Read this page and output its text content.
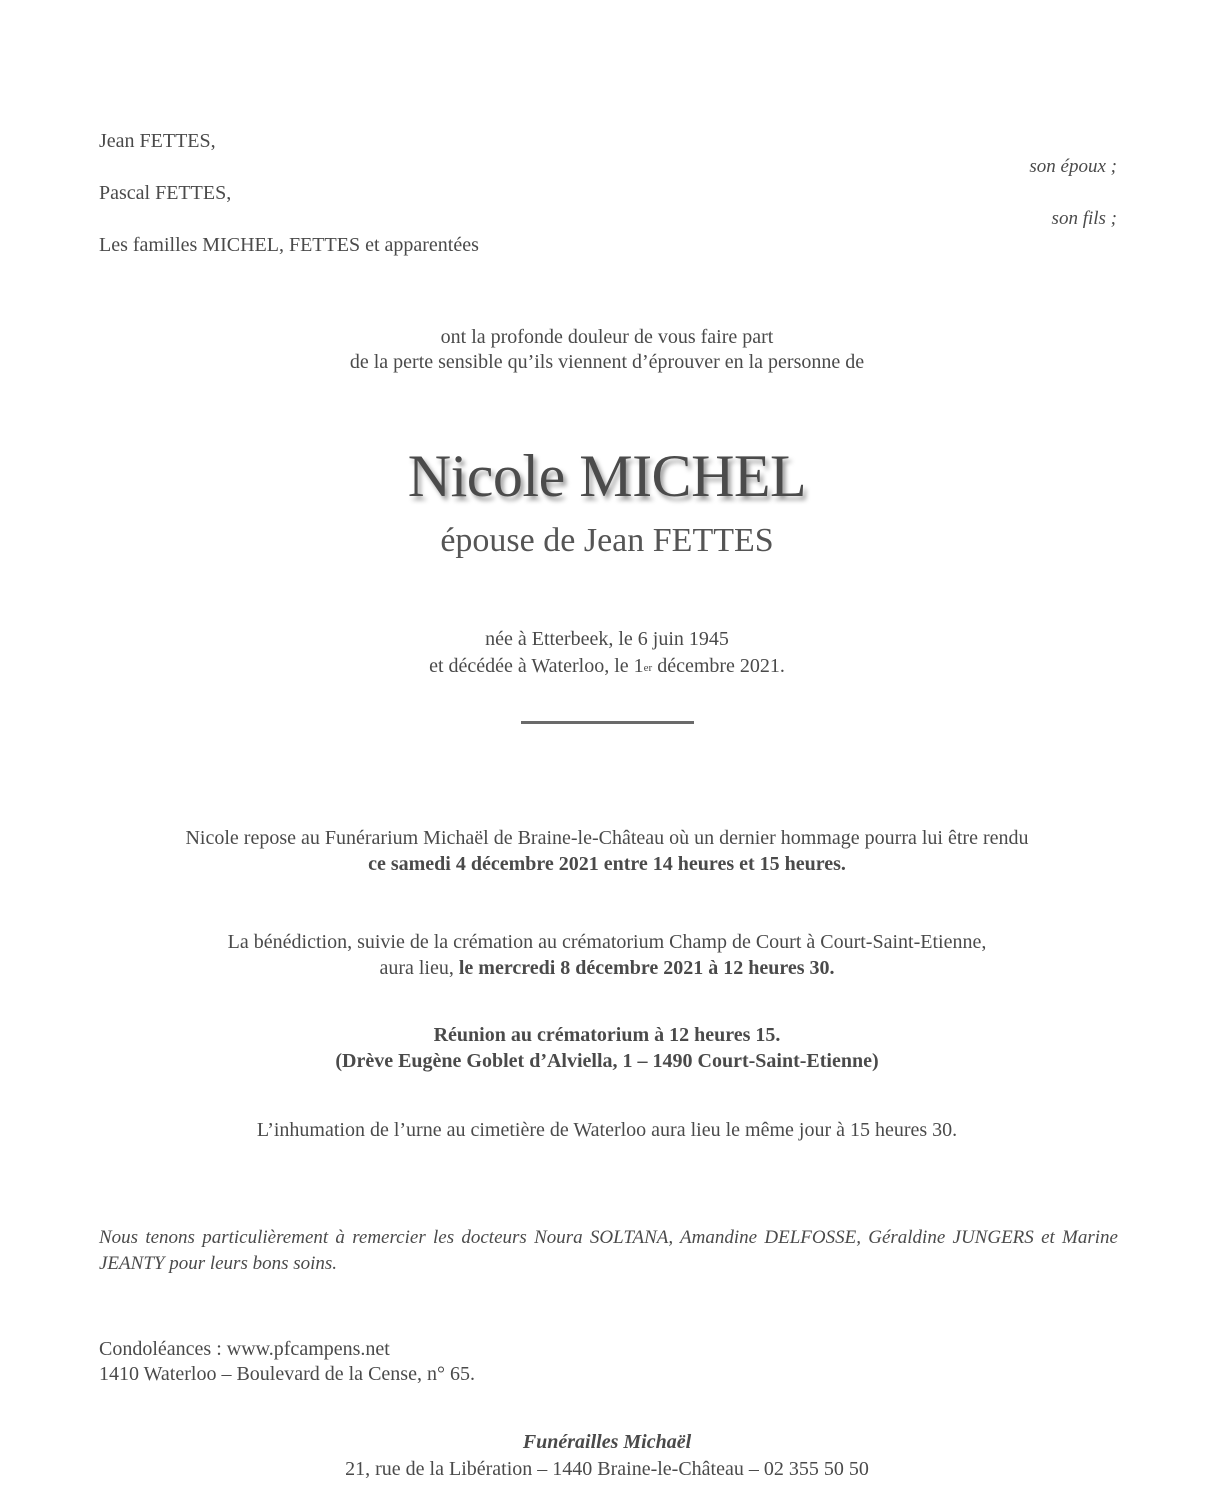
Jean FETTES,
son époux ;
Pascal FETTES,
son fils ;
Les familles MICHEL, FETTES et apparentées
ont la profonde douleur de vous faire part
de la perte sensible qu’ils viennent d’éprouver en la personne de
Nicole MICHEL
épouse de Jean FETTES
née à Etterbeek, le 6 juin 1945
et décédée à Waterloo, le 1er décembre 2021.
Nicole repose au Funérarium Michaël de Braine-le-Château où un dernier hommage pourra lui être rendu
ce samedi 4 décembre 2021 entre 14 heures et 15 heures.
La bénédiction, suivie de la crémation au crématorium Champ de Court à Court-Saint-Etienne,
aura lieu, le mercredi 8 décembre 2021 à 12 heures 30.
Réunion au crématorium à 12 heures 15.
(Drève Eugène Goblet d’Alviella, 1 – 1490 Court-Saint-Etienne)
L’inhumation de l’urne au cimetière de Waterloo aura lieu le même jour à 15 heures 30.
Nous tenons particulièrement à remercier les docteurs Noura SOLTANA, Amandine DELFOSSE, Géraldine JUNGERS et Marine JEANTY pour leurs bons soins.
Condoléances : www.pfcampens.net
1410 Waterloo – Boulevard de la Cense, n° 65.
Funérailles Michaël
21, rue de la Libération – 1440 Braine-le-Château – 02 355 50 50
